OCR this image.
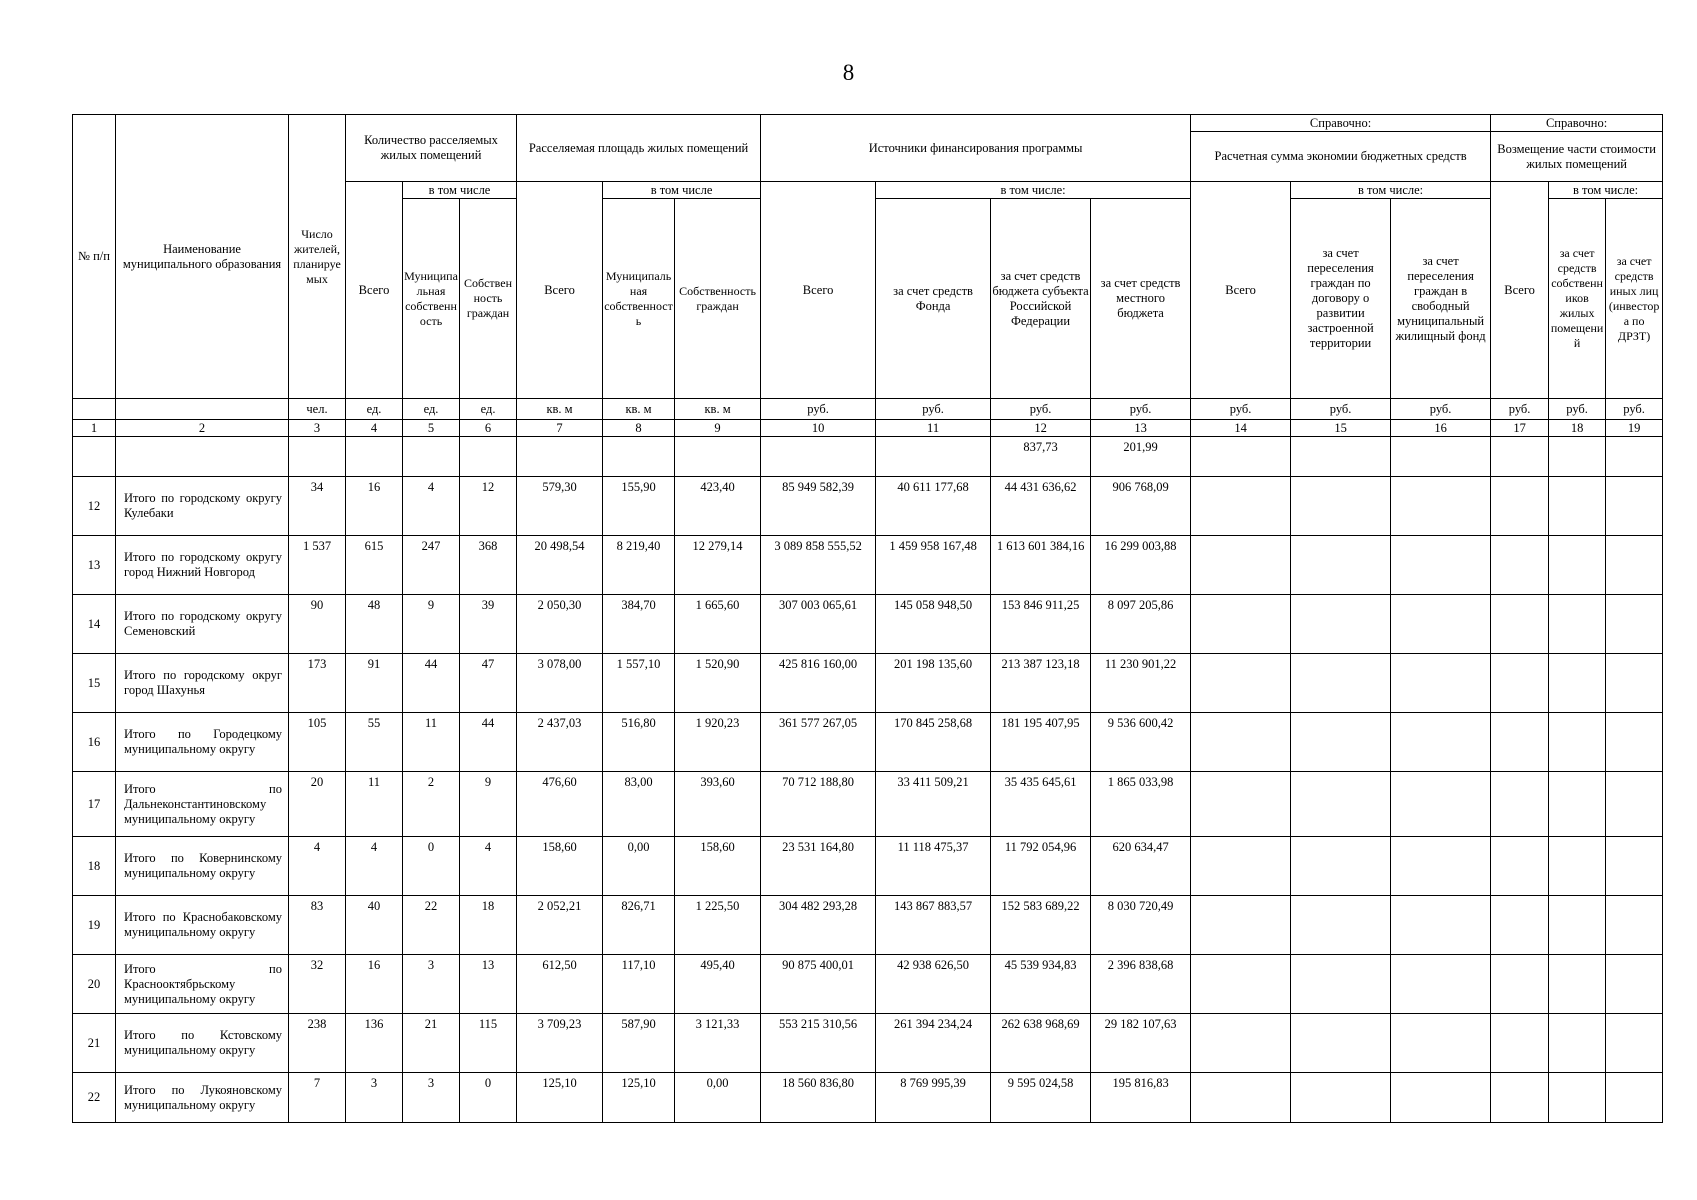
8
№ п/п	Наименование муниципального образования	Число жителей, планируемых	Количество расселяемых жилых помещений			Расселяемая площадь жилых помещений			Источники финансирования программы				Справочно:			Справочно:		
													Расчетная сумма экономии бюджетных средств			Возмещение части стоимости жилых помещений		
			Всего	в том числе		Всего	в том числе		Всего	в том числе:			Всего	в том числе:		Всего	в том числе:	
				Муниципальная собственность	Собственность граждан		Муниципальная собственность	Собственность граждан		за счет средств Фонда	за счет средств бюджета субъекта Российской Федерации	за счет средств местного бюджета		за счет переселения граждан по договору о развитии застроенной территории	за счет переселения граждан в свободный муниципальный жилищный фонд		за счет средств собственников жилых помещений	за счет средств иных лиц (инвестора по ДРЗТ)
		чел.	ед.	ед.	ед.	кв. м	кв. м	кв. м	руб.	руб.	руб.	руб.	руб.	руб.	руб.	руб.	руб.	руб.
1	2	3	4	5	6	7	8	9	10	11	12	13	14	15	16	17	18	19
											837,73	201,99						
12	Итого по городскому округу Кулебаки	34	16	4	12	579,30	155,90	423,40	85 949 582,39	40 611 177,68	44 431 636,62	906 768,09						
13	Итого по городскому округу город Нижний Новгород	1 537	615	247	368	20 498,54	8 219,40	12 279,14	3 089 858 555,52	1 459 958 167,48	1 613 601 384,16	16 299 003,88						
14	Итого по городскому округу Семеновский	90	48	9	39	2 050,30	384,70	1 665,60	307 003 065,61	145 058 948,50	153 846 911,25	8 097 205,86						
15	Итого по городскому округ город Шахунья	173	91	44	47	3 078,00	1 557,10	1 520,90	425 816 160,00	201 198 135,60	213 387 123,18	11 230 901,22						
16	Итого по Городецкому муниципальному округу	105	55	11	44	2 437,03	516,80	1 920,23	361 577 267,05	170 845 258,68	181 195 407,95	9 536 600,42						
17	Итого по Дальнеконстантиновскому муниципальному округу	20	11	2	9	476,60	83,00	393,60	70 712 188,80	33 411 509,21	35 435 645,61	1 865 033,98						
18	Итого по Ковернинскому муниципальному округу	4	4	0	4	158,60	0,00	158,60	23 531 164,80	11 118 475,37	11 792 054,96	620 634,47						
19	Итого по Краснобаковскому муниципальному округу	83	40	22	18	2 052,21	826,71	1 225,50	304 482 293,28	143 867 883,57	152 583 689,22	8 030 720,49						
20	Итого по Краснооктябрьскому муниципальному округу	32	16	3	13	612,50	117,10	495,40	90 875 400,01	42 938 626,50	45 539 934,83	2 396 838,68						
21	Итого по Кстовскому муниципальному округу	238	136	21	115	3 709,23	587,90	3 121,33	553 215 310,56	261 394 234,24	262 638 968,69	29 182 107,63						
22	Итого по Лукояновскому муниципальному округу	7	3	3	0	125,10	125,10	0,00	18 560 836,80	8 769 995,39	9 595 024,58	195 816,83						
